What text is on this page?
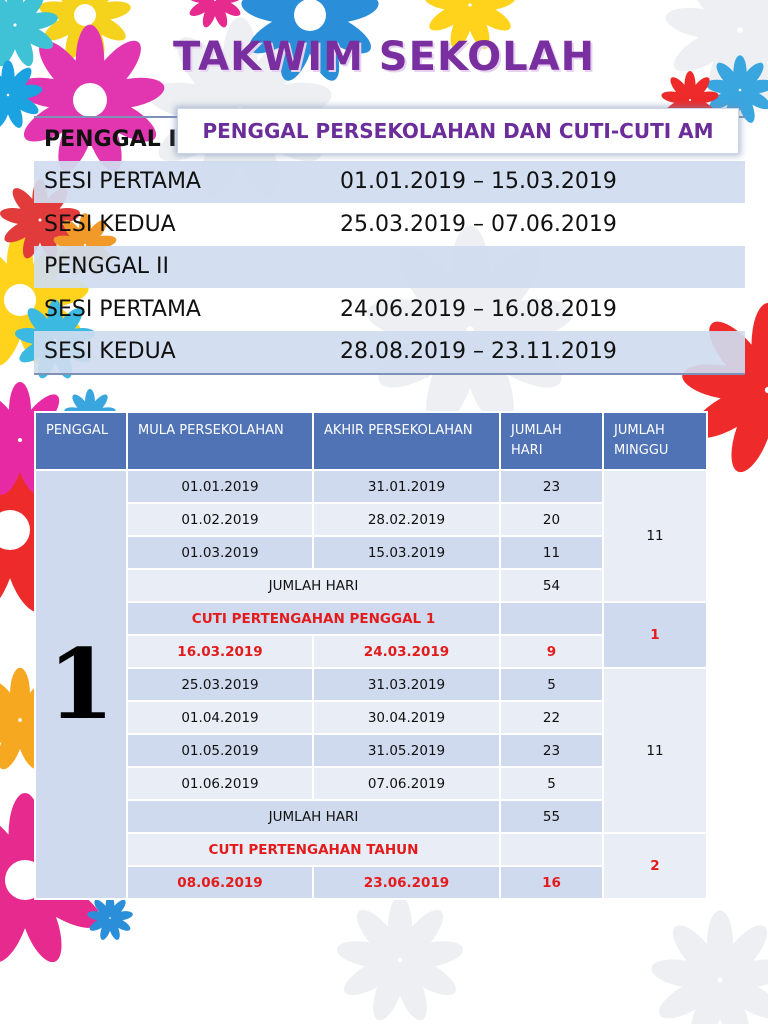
TAKWIM SEKOLAH
PENGGAL PERSEKOLAHAN DAN CUTI-CUTI AM
PENGGAL I
SESI PERTAMA	01.01.2019 – 15.03.2019
SESI KEDUA	25.03.2019 – 07.06.2019
PENGGAL II
SESI PERTAMA	24.06.2019 – 16.08.2019
SESI KEDUA	28.08.2019 – 23.11.2019
PENGGAL	MULA PERSEKOLAHAN	AKHIR PERSEKOLAHAN	JUMLAH HARI	JUMLAH MINGGU
1	01.01.2019	31.01.2019	23	11
	01.02.2019	28.02.2019	20	
	01.03.2019	15.03.2019	11	
	JUMLAH HARI		54	
	CUTI PERTENGAHAN PENGGAL 1			1
	16.03.2019	24.03.2019	9	
	25.03.2019	31.03.2019	5	11
	01.04.2019	30.04.2019	22	
	01.05.2019	31.05.2019	23	
	01.06.2019	07.06.2019	5	
	JUMLAH HARI		55	
	CUTI PERTENGAHAN TAHUN			2
	08.06.2019	23.06.2019	16	
